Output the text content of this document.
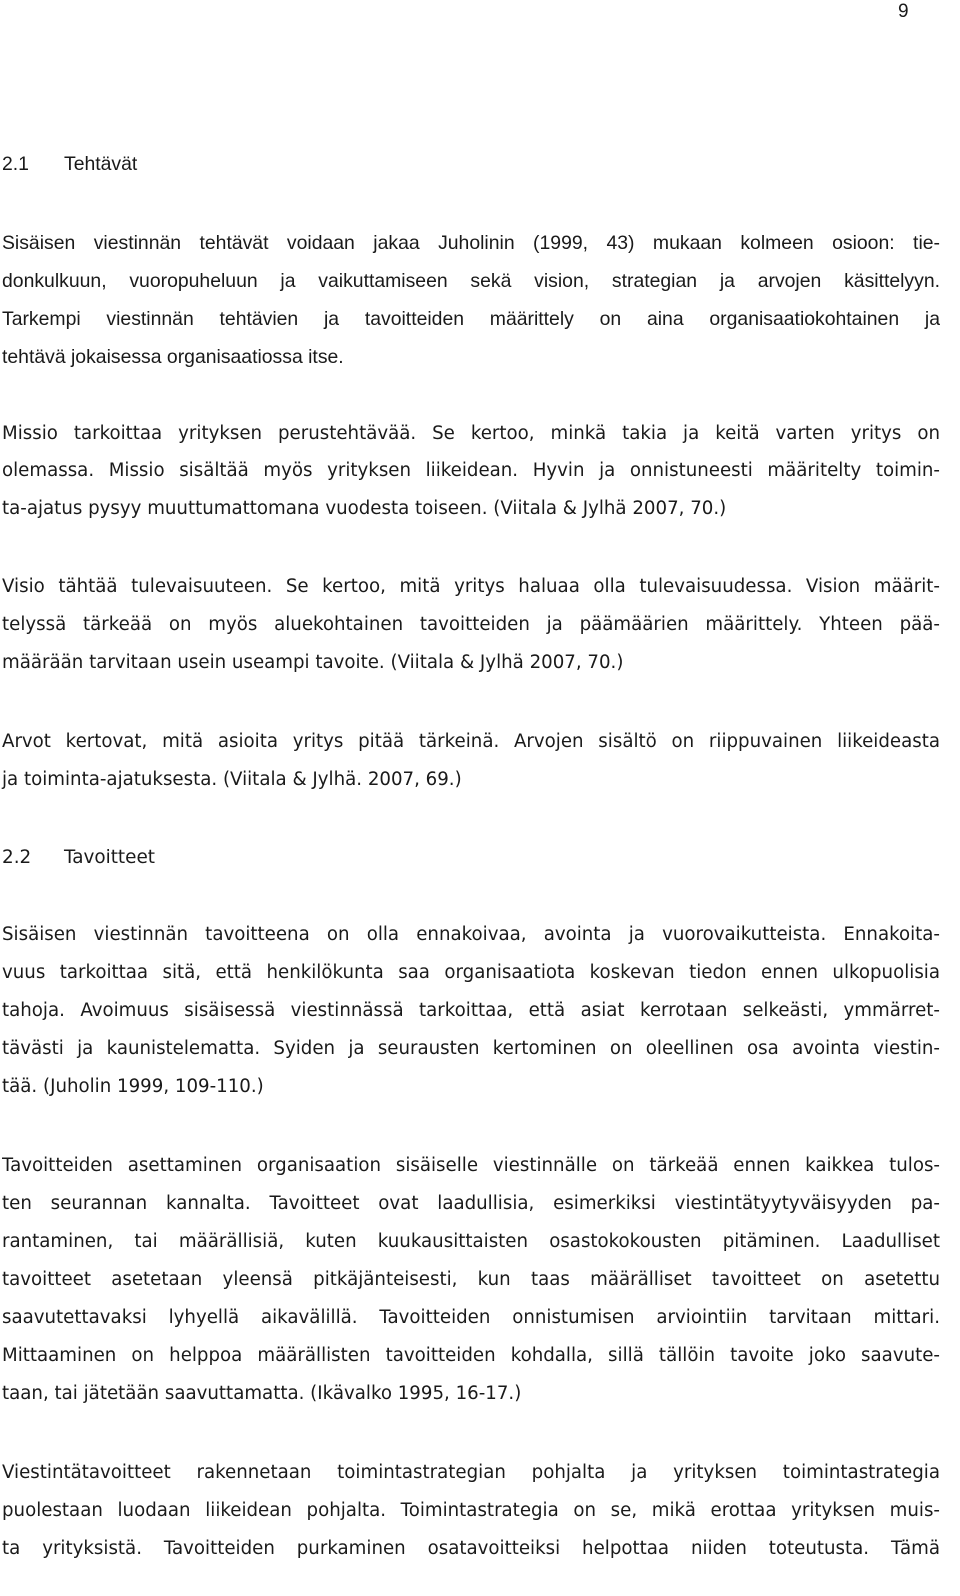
9
2.1 Tehtävät
Sisäisen viestinnän tehtävät voidaan jakaa Juholinin (1999, 43) mukaan kolmeen osioon: tie-
donkulkuun, vuoropuheluun ja vaikuttamiseen sekä vision, strategian ja arvojen käsittelyyn.
Tarkempi viestinnän tehtävien ja tavoitteiden määrittely on aina organisaatiokohtainen ja
tehtävä jokaisessa organisaatiossa itse.
Missio tarkoittaa yrityksen perustehtävää. Se kertoo, minkä takia ja keitä varten yritys on
olemassa. Missio sisältää myös yrityksen liikeidean. Hyvin ja onnistuneesti määritelty toimin-
ta-ajatus pysyy muuttumattomana vuodesta toiseen. (Viitala & Jylhä 2007, 70.)
Visio tähtää tulevaisuuteen. Se kertoo, mitä yritys haluaa olla tulevaisuudessa. Vision määrit-
telyssä tärkeää on myös aluekohtainen tavoitteiden ja päämäärien määrittely. Yhteen pää-
määrään tarvitaan usein useampi tavoite. (Viitala & Jylhä 2007, 70.)
Arvot kertovat, mitä asioita yritys pitää tärkeinä. Arvojen sisältö on riippuvainen liikeideasta
ja toiminta-ajatuksesta. (Viitala & Jylhä. 2007, 69.)
2.2 Tavoitteet
Sisäisen viestinnän tavoitteena on olla ennakoivaa, avointa ja vuorovaikutteista. Ennakoita-
vuus tarkoittaa sitä, että henkilökunta saa organisaatiota koskevan tiedon ennen ulkopuolisia
tahoja. Avoimuus sisäisessä viestinnässä tarkoittaa, että asiat kerrotaan selkeästi, ymmärret-
tävästi ja kaunistelematta. Syiden ja seurausten kertominen on oleellinen osa avointa viestin-
tää. (Juholin 1999, 109-110.)
Tavoitteiden asettaminen organisaation sisäiselle viestinnälle on tärkeää ennen kaikkea tulos-
ten seurannan kannalta. Tavoitteet ovat laadullisia, esimerkiksi viestintätyytyväisyyden pa-
rantaminen, tai määrällisiä, kuten kuukausittaisten osastokokousten pitäminen. Laadulliset
tavoitteet asetetaan yleensä pitkäjänteisesti, kun taas määrälliset tavoitteet on asetettu
saavutettavaksi lyhyellä aikavälillä. Tavoitteiden onnistumisen arviointiin tarvitaan mittari.
Mittaaminen on helppoa määrällisten tavoitteiden kohdalla, sillä tällöin tavoite joko saavute-
taan, tai jätetään saavuttamatta. (Ikävalko 1995, 16-17.)
Viestintätavoitteet rakennetaan toimintastrategian pohjalta ja yrityksen toimintastrategia
puolestaan luodaan liikeidean pohjalta. Toimintastrategia on se, mikä erottaa yrityksen muis-
ta yrityksistä. Tavoitteiden purkaminen osatavoitteiksi helpottaa niiden toteutusta. Tämä
